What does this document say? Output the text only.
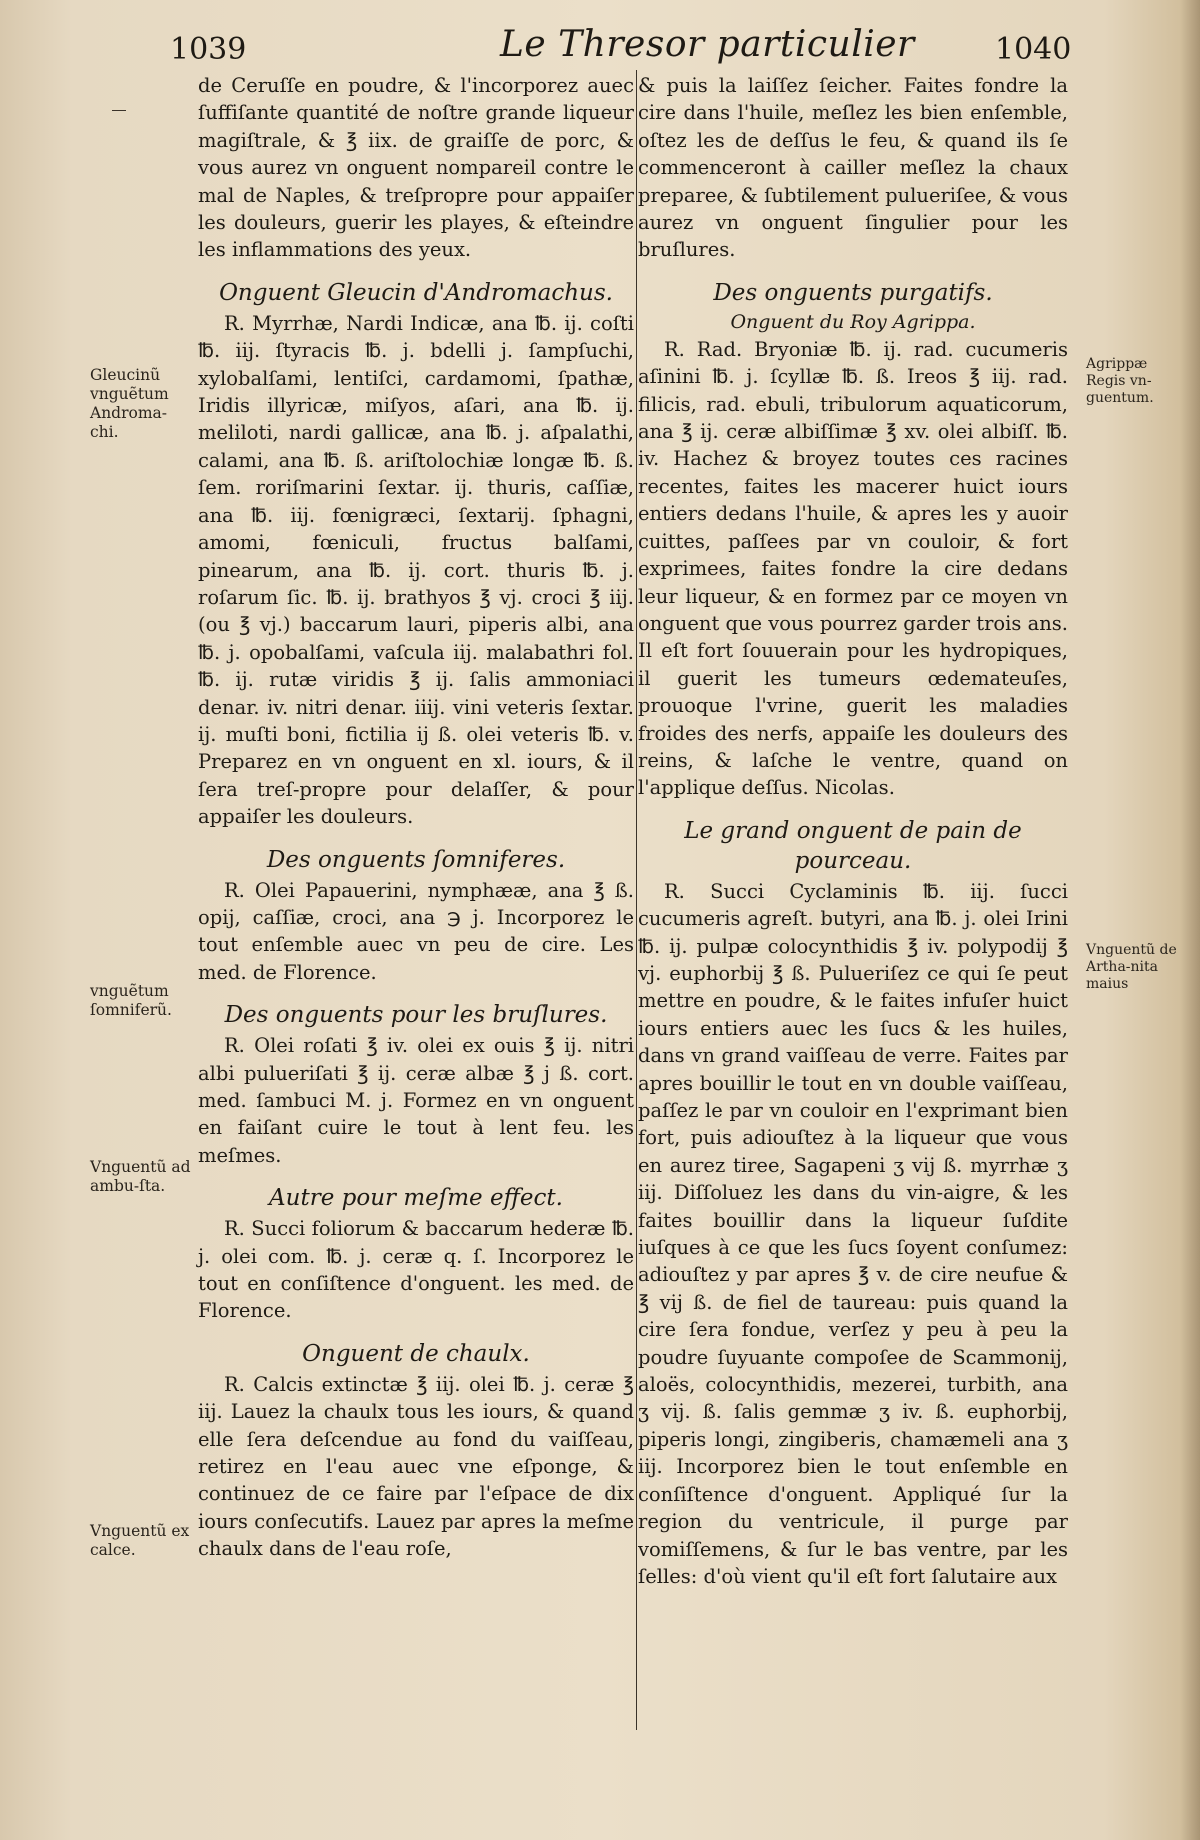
1039	Le Thresor particulier	1040

de Ceruſſe en poudre, & l'incorporez auec ſuffiſante quantité de noſtre grande liqueur magiſtrale, & ℥ iix. de graiſſe de porc, & vous aurez vn onguent nompareil contre le mal de Naples, & treſpropre pour appaiſer les douleurs, guerir les playes, & eſteindre les inflammations des yeux.

Onguent Gleucin d'Andromachus.

R. Myrrhæ, Nardi Indicæ, ana ℔. ij. coſti ℔. iij. ſtyracis ℔. j. bdelli j. ſampſuchi, xylobalſami, lentiſci, cardamomi, ſpathæ, Iridis illyricæ, miſyos, aſari, ana ℔. ij. meliloti, nardi gallicæ, ana ℔. j. aſpalathi, calami, ana ℔. ß. ariſtolochiæ longæ ℔. ß. ſem. roriſmarini ſextar. ij. thuris, caſſiæ, ana ℔. iij. fœnigræci, ſextarij. ſphagni, amomi, fœniculi, fructus balſami, pinearum, ana ℔. ij. cort. thuris ℔. j. roſarum ſic. ℔. ij. brathyos ℥ vj. croci ℥ iij. (ou ℥ vj.) baccarum lauri, piperis albi, ana ℔. j. opobalſami, vaſcula iij. malabathri fol. ℔. ij. rutæ viridis ℥ ij. ſalis ammoniaci denar. iv. nitri denar. iiij. vini veteris ſextar. ij. muſti boni, fictilia ij ß. olei veteris ℔. v. Preparez en vn onguent en xl. iours, & il ſera treſ-propre pour delaſſer, & pour appaiſer les douleurs.

Des onguents ſomniferes.

R. Olei Papauerini, nymphææ, ana ℥ ß. opij, caſſiæ, croci, ana ℈ j. Incorporez le tout enſemble auec vn peu de cire. Les med. de Florence.

Des onguents pour les bruſlures.

R. Olei roſati ℥ iv. olei ex ouis ℥ ij. nitri albi pulueriſati ℥ ij. ceræ albæ ℥ j ß. cort. med. ſambuci M. j. Formez en vn onguent en faiſant cuire le tout à lent feu. les meſmes.

Autre pour meſme effect.

R. Succi foliorum & baccarum hederæ ℔. j. olei com. ℔. j. ceræ q. ſ. Incorporez le tout en conſiſtence d'onguent. les med. de Florence.

Onguent de chaulx.

R. Calcis extinctæ ℥ iij. olei ℔. j. ceræ ℥ iij. Lauez la chaulx tous les iours, & quand elle ſera deſcendue au fond du vaiſſeau, retirez en l'eau auec vne eſponge, & continuez de ce faire par l'eſpace de dix iours conſecutifs. Lauez par apres la meſme chaulx dans de l'eau roſe,

& puis la laiſſez ſeicher. Faites fondre la cire dans l'huile, meſlez les bien enſemble, oſtez les de deſſus le feu, & quand ils ſe commenceront à cailler meſlez la chaux preparee, & ſubtilement pulueriſee, & vous aurez vn onguent ſingulier pour les bruſlures.

Des onguents purgatifs.
Onguent du Roy Agrippa.

R. Rad. Bryoniæ ℔. ij. rad. cucumeris aſinini ℔. j. ſcyllæ ℔. ß. Ireos ℥ iij. rad. filicis, rad. ebuli, tribulorum aquaticorum, ana ℥ ij. ceræ albiſſimæ ℥ xv. olei albiſſ. ℔. iv. Hachez & broyez toutes ces racines recentes, faites les macerer huict iours entiers dedans l'huile, & apres les y auoir cuittes, paſſees par vn couloir, & fort exprimees, faites fondre la cire dedans leur liqueur, & en formez par ce moyen vn onguent que vous pourrez garder trois ans. Il eſt fort ſouuerain pour les hydropiques, il guerit les tumeurs œdemateuſes, prouoque l'vrine, guerit les maladies froides des nerfs, appaiſe les douleurs des reins, & laſche le ventre, quand on l'applique deſſus. Nicolas.

Le grand onguent de pain de pourceau.

R. Succi Cyclaminis ℔. iij. ſucci cucumeris agreſt. butyri, ana ℔. j. olei Irini ℔. ij. pulpæ colocynthidis ℥ iv. polypodij ℥ vj. euphorbij ℥ ß. Pulueriſez ce qui ſe peut mettre en poudre, & le faites infuſer huict iours entiers auec les ſucs & les huiles, dans vn grand vaiſſeau de verre. Faites par apres bouillir le tout en vn double vaiſſeau, paſſez le par vn couloir en l'exprimant bien fort, puis adiouſtez à la liqueur que vous en aurez tiree, Sagapeni ʒ vij ß. myrrhæ ʒ iij. Diſſoluez les dans du vin-aigre, & les faites bouillir dans la liqueur ſuſdite iuſques à ce que les ſucs ſoyent conſumez: adiouſtez y par apres ℥ v. de cire neufue & ℥ vij ß. de fiel de taureau: puis quand la cire ſera fondue, verſez y peu à peu la poudre ſuyuante compoſee de Scammonij, aloës, colocynthidis, mezerei, turbith, ana ʒ vij. ß. ſalis gemmæ ʒ iv. ß. euphorbij, piperis longi, zingiberis, chamæmeli ana ʒ iij. Incorporez bien le tout enſemble en conſiſtence d'onguent. Appliqué ſur la region du ventricule, il purge par vomiſſemens, & ſur le bas ventre, par les ſelles: d'où vient qu'il eſt fort ſalutaire aux

Gleucinũ vnguẽtum Androma-chi.
vnguẽtum ſomniferũ.
Vnguentũ ad ambu-ſta.
Vnguentũ ex calce.
Agrippæ Regis vn-guentum.
Vnguentũ de Artha-nita maius
